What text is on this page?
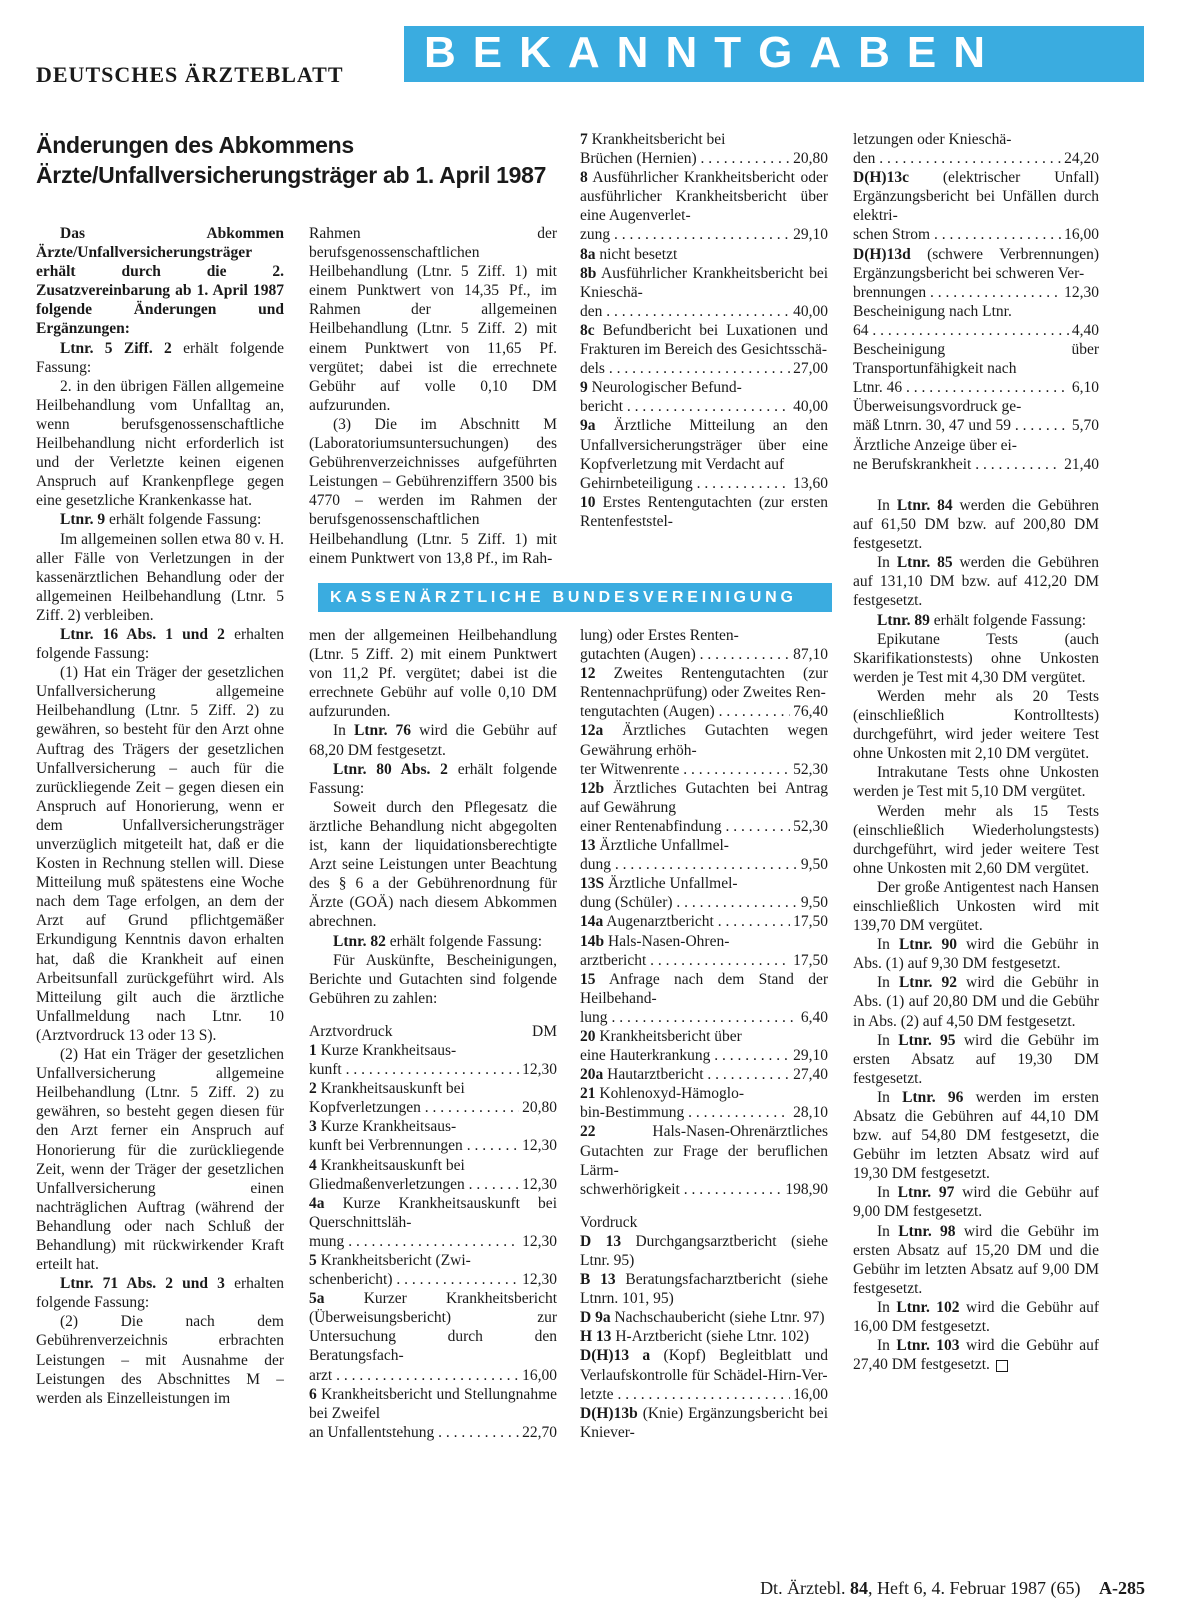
DEUTSCHES ÄRZTEBLATT BEKANNTGABEN
Änderungen des Abkommens
Ärzte/Unfallversicherungsträger ab 1. April 1987

Das Abkommen Ärzte/Unfallversicherungsträger erhält durch die 2. Zusatzvereinbarung ab 1. April 1987 folgende Änderungen und Ergänzungen:

Ltnr. 5 Ziff. 2 erhält folgende Fassung:

2. in den übrigen Fällen allgemeine Heilbehandlung vom Unfalltag an, wenn berufsgenossenschaftliche Heilbehandlung nicht erforderlich ist und der Verletzte keinen eigenen Anspruch auf Krankenpflege gegen eine gesetzliche Krankenkasse hat.

Ltnr. 9 erhält folgende Fassung:

Im allgemeinen sollen etwa 80 v. H. aller Fälle von Verletzungen in der kassenärztlichen Behandlung oder der allgemeinen Heilbehandlung (Ltnr. 5 Ziff. 2) verbleiben.

Ltnr. 16 Abs. 1 und 2 erhalten folgende Fassung:

(1) Hat ein Träger der gesetzlichen Unfallversicherung allgemeine Heilbehandlung (Ltnr. 5 Ziff. 2) zu gewähren, so besteht für den Arzt ohne Auftrag des Trägers der gesetzlichen Unfallversicherung – auch für die zurückliegende Zeit – gegen diesen ein Anspruch auf Honorierung, wenn er dem Unfallversicherungsträger unverzüglich mitgeteilt hat, daß er die Kosten in Rechnung stellen will. Diese Mitteilung muß spätestens eine Woche nach dem Tage erfolgen, an dem der Arzt auf Grund pflichtgemäßer Erkundigung Kenntnis davon erhalten hat, daß die Krankheit auf einen Arbeitsunfall zurückgeführt wird. Als Mitteilung gilt auch die ärztliche Unfallmeldung nach Ltnr. 10 (Arztvordruck 13 oder 13 S).

(2) Hat ein Träger der gesetzlichen Unfallversicherung allgemeine Heilbehandlung (Ltnr. 5 Ziff. 2) zu gewähren, so besteht gegen diesen für den Arzt ferner ein Anspruch auf Honorierung für die zurückliegende Zeit, wenn der Träger der gesetzlichen Unfallversicherung einen nachträglichen Auftrag (während der Behandlung oder nach Schluß der Behandlung) mit rückwirkender Kraft erteilt hat.

Ltnr. 71 Abs. 2 und 3 erhalten folgende Fassung:

(2) Die nach dem Gebührenverzeichnis erbrachten Leistungen – mit Ausnahme der Leistungen des Abschnittes M – werden als Einzelleistungen im

Rahmen der berufsgenossenschaftlichen Heilbehandlung (Ltnr. 5 Ziff. 1) mit einem Punktwert von 14,35 Pf., im Rahmen der allgemeinen Heilbehandlung (Ltnr. 5 Ziff. 2) mit einem Punktwert von 11,65 Pf. vergütet; dabei ist die errechnete Gebühr auf volle 0,10 DM aufzurunden.

(3) Die im Abschnitt M (Laboratoriumsuntersuchungen) des Gebührenverzeichnisses aufgeführten Leistungen – Gebührenziffern 3500 bis 4770 – werden im Rahmen der berufsgenossenschaftlichen Heilbehandlung (Ltnr. 5 Ziff. 1) mit einem Punktwert von 13,8 Pf., im Rah-

7 Krankheitsbericht bei

Brüchen (Hernien) . . .	20,80

8 Ausführlicher Krankheitsbericht oder ausführlicher Krankheitsbericht über eine Augenverlet-

zung . . .	29,10

8a nicht besetzt

8b Ausführlicher Krankheitsbericht bei Knieschä-

den . . .	40,00

8c Befundbericht bei Luxationen und Frakturen im Bereich des Gesichtsschä-

dels . . .	27,00

9 Neurologischer Befund-

bericht . . .	40,00

9a Ärztliche Mitteilung an den Unfallversicherungsträger über eine Kopfverletzung mit Verdacht auf

Gehirnbeteiligung . . .	13,60

10 Erstes Rentengutachten (zur ersten Rentenfeststel-

letzungen oder Knieschä-

den . . .	24,20

D(H)13c (elektrischer Unfall) Ergänzungsbericht bei Unfällen durch elektri-

schen Strom . . .	16,00

D(H)13d (schwere Verbrennungen) Ergänzungsbericht bei schweren Ver-

brennungen . . .	12,30

Bescheinigung nach Ltnr.

64 . . .	4,40

Bescheinigung über Transportunfähigkeit nach

Ltnr. 46 . . .	6,10

Überweisungsvordruck ge-

mäß Ltnrn. 30, 47 und 59 . . .	5,70

Ärztliche Anzeige über ei-

ne Berufskrankheit . . .	21,40
KASSENÄRZTLICHE BUNDESVEREINIGUNG

men der allgemeinen Heilbehandlung (Ltnr. 5 Ziff. 2) mit einem Punktwert von 11,2 Pf. vergütet; dabei ist die errechnete Gebühr auf volle 0,10 DM aufzurunden.

In Ltnr. 76 wird die Gebühr auf 68,20 DM festgesetzt.

Ltnr. 80 Abs. 2 erhält folgende Fassung:

Soweit durch den Pflegesatz die ärztliche Behandlung nicht abgegolten ist, kann der liquidationsberechtigte Arzt seine Leistungen unter Beachtung des § 6 a der Gebührenordnung für Ärzte (GOÄ) nach diesem Abkommen abrechnen.

Ltnr. 82 erhält folgende Fassung:

Für Auskünfte, Bescheinigungen, Berichte und Gutachten sind folgende Gebühren zu zahlen:

Arztvordruck	DM

1 Kurze Krankheitsaus-

kunft . . .	12,30

2 Krankheitsauskunft bei

Kopfverletzungen . . .	20,80

3 Kurze Krankheitsaus-

kunft bei Verbrennungen . . .	12,30

4 Krankheitsauskunft bei

Gliedmaßenverletzungen . . .	12,30

4a Kurze Krankheitsauskunft bei Querschnittsläh-

mung . . .	12,30

5 Krankheitsbericht (Zwi-

schenbericht) . . .	12,30

5a	Kurzer Krankheitsbericht (Überweisungsbericht) zur Untersuchung durch den Beratungsfach-

arzt . . .	16,00

6 Krankheitsbericht und Stellungnahme bei Zweifel

an Unfallentstehung . . .	22,70

lung) oder Erstes Renten-

gutachten (Augen) . . .	87,10

12 Zweites Rentengutachten (zur Rentennachprüfung) oder Zweites Ren-

tengutachten (Augen) . . .	76,40

12a Ärztliches Gutachten wegen Gewährung erhöh-

ter Witwenrente . . .	52,30

12b Ärztliches Gutachten bei Antrag auf Gewährung

einer Rentenabfindung . . .	52,30

13 Ärztliche Unfallmel-

dung . . .	9,50

13S Ärztliche Unfallmel-

dung (Schüler) . . .	9,50
14a Augenarztbericht . . .	17,50

14b Hals-Nasen-Ohren-

arztbericht . . .	17,50

15 Anfrage nach dem Stand der Heilbehand-

lung . . .	6,40

20 Krankheitsbericht über

eine Hauterkrankung . . .	29,10
20a Hautarztbericht . . .	27,40

21 Kohlenoxyd-Hämoglo-

bin-Bestimmung . . .	28,10

22	Hals-Nasen-Ohrenärztliches Gutachten zur Frage der beruflichen Lärm-

schwerhörigkeit . . .	198,90

Vordruck

D 13 Durchgangsarztbericht (siehe Ltnr. 95)

B 13 Beratungsfacharztbericht (siehe Ltnrn. 101, 95)

D 9a Nachschaubericht (siehe Ltnr. 97)

H 13 H-Arztbericht (siehe Ltnr. 102)

D(H)13 a (Kopf) Begleitblatt und Verlaufskontrolle für Schädel-Hirn-Ver-

letzte . . .	16,00

D(H)13b (Knie) Ergänzungsbericht bei Kniever-

In Ltnr. 84 werden die Gebühren auf 61,50 DM bzw. auf 200,80 DM festgesetzt.

In Ltnr. 85 werden die Gebühren auf 131,10 DM bzw. auf 412,20 DM festgesetzt.

Ltnr. 89 erhält folgende Fassung:

Epikutane Tests (auch Skarifikationstests) ohne Unkosten werden je Test mit 4,30 DM vergütet.

Werden mehr als 20 Tests (einschließlich Kontrolltests) durchgeführt, wird jeder weitere Test ohne Unkosten mit 2,10 DM vergütet.

Intrakutane Tests ohne Unkosten werden je Test mit 5,10 DM vergütet.

Werden mehr als 15 Tests (einschließlich Wiederholungstests) durchgeführt, wird jeder weitere Test ohne Unkosten mit 2,60 DM vergütet.

Der große Antigentest nach Hansen einschließlich Unkosten wird mit 139,70 DM vergütet.

In Ltnr. 90 wird die Gebühr in Abs. (1) auf 9,30 DM festgesetzt.

In Ltnr. 92 wird die Gebühr in Abs. (1) auf 20,80 DM und die Gebühr in Abs. (2) auf 4,50 DM festgesetzt.

In Ltnr. 95 wird die Gebühr im ersten Absatz auf 19,30 DM festgesetzt.

In Ltnr. 96 werden im ersten Absatz die Gebühren auf 44,10 DM bzw. auf 54,80 DM festgesetzt, die Gebühr im letzten Absatz wird auf 19,30 DM festgesetzt.

In Ltnr. 97 wird die Gebühr auf 9,00 DM festgesetzt.

In Ltnr. 98 wird die Gebühr im ersten Absatz auf 15,20 DM und die Gebühr im letzten Absatz auf 9,00 DM festgesetzt.

In Ltnr. 102 wird die Gebühr auf 16,00 DM festgesetzt.

In Ltnr. 103 wird die Gebühr auf 27,40 DM festgesetzt.

Dt. Ärztebl. 84, Heft 6, 4. Februar 1987 (65) A-285
